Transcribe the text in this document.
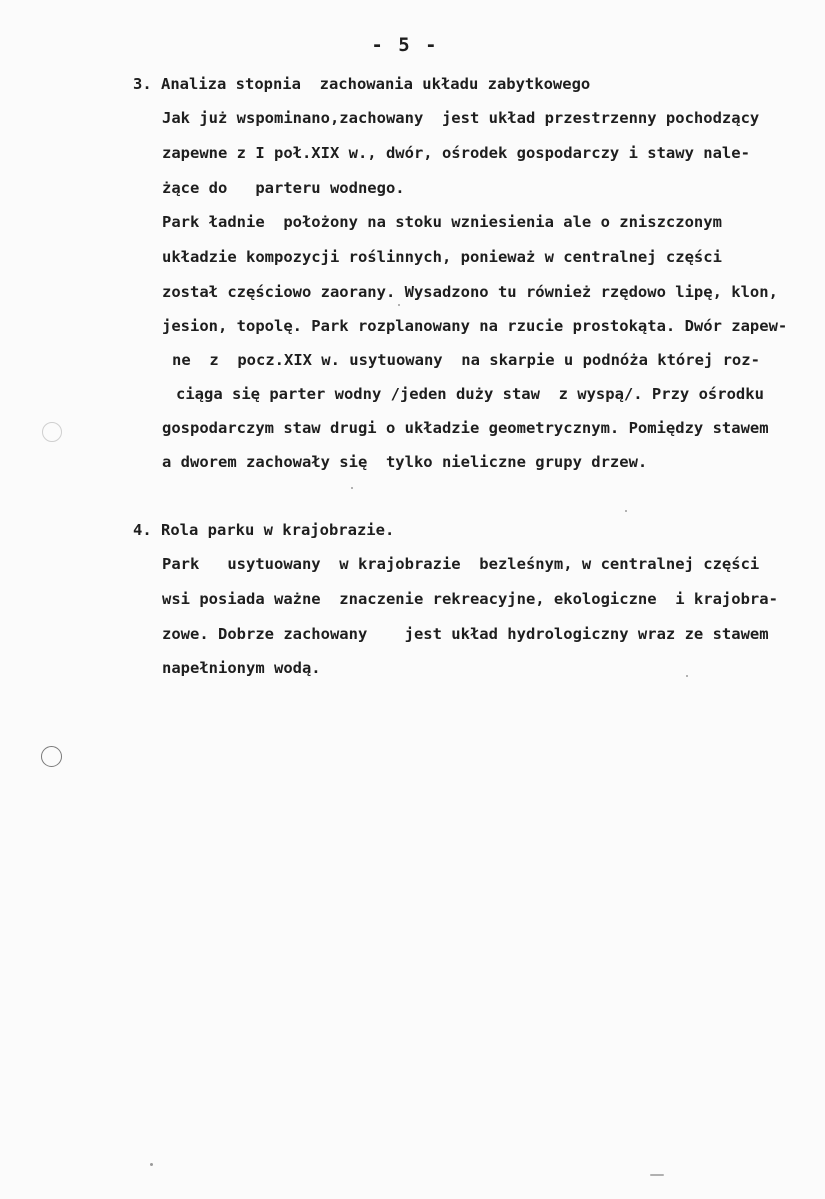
- 5 -
3. Analiza stopnia  zachowania układu zabytkowego
Jak już wspominano,zachowany  jest układ przestrzenny pochodzący
zapewne z I poł.XIX w., dwór, ośrodek gospodarczy i stawy nale-
żące do   parteru wodnego.
Park ładnie  położony na stoku wzniesienia ale o zniszczonym
układzie kompozycji roślinnych, ponieważ w centralnej części
został częściowo zaorany. Wysadzono tu również rzędowo lipę, klon,
jesion, topolę. Park rozplanowany na rzucie prostokąta. Dwór zapew-
ne  z  pocz.XIX w. usytuowany  na skarpie u podnóża której roz-
ciąga się parter wodny /jeden duży staw  z wyspą/. Przy ośrodku
gospodarczym staw drugi o układzie geometrycznym. Pomiędzy stawem
a dworem zachowały się  tylko nieliczne grupy drzew.
4. Rola parku w krajobrazie.
Park   usytuowany  w krajobrazie  bezleśnym, w centralnej części
wsi posiada ważne  znaczenie rekreacyjne, ekologiczne  i krajobra-
zowe. Dobrze zachowany    jest układ hydrologiczny wraz ze stawem
napełnionym wodą.
